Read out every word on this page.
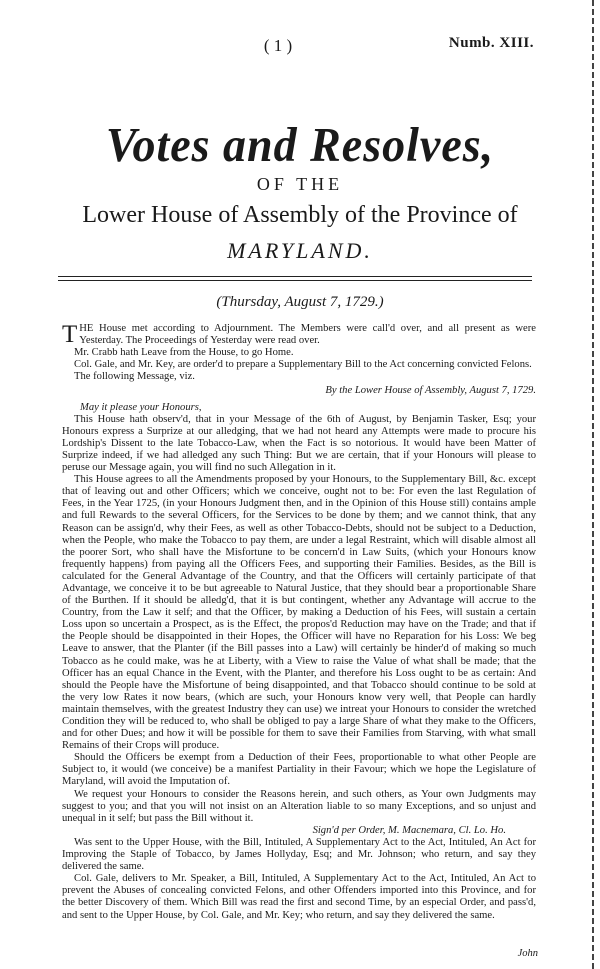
( 1 )	Numb. XIII.
Votes and Resolves,
OF THE
Lower House of Assembly of the Province of
MARYLAND.
(Thursday, August 7, 1729.)

THE House met according to Adjournment. The Members were call'd over, and all present as were Yesterday. The Proceedings of Yesterday were read over.

Mr. Crabb hath Leave from the House, to go Home.

Col. Gale, and Mr. Key, are order'd to prepare a Supplementary Bill to the Act concerning convicted Felons.

The following Message, viz.

By the Lower House of Assembly, August 7, 1729.

May it please your Honours,

This House hath observ'd, that in your Message of the 6th of August, by Benjamin Tasker, Esq; your Honours express a Surprize at our alledging, that we had not heard any Attempts were made to procure his Lordship's Dissent to the late Tobacco-Law, when the Fact is so notorious. It would have been Matter of Surprize indeed, if we had alledged any such Thing: But we are certain, that if your Honours will please to peruse our Message again, you will find no such Allegation in it.

This House agrees to all the Amendments proposed by your Honours, to the Supplementary Bill, &c. except that of leaving out and other Officers; which we conceive, ought not to be: For even the last Regulation of Fees, in the Year 1725, (in your Honours Judgment then, and in the Opinion of this House still) contains ample and full Rewards to the several Officers, for the Services to be done by them; and we cannot think, that any Reason can be assign'd, why their Fees, as well as other Tobacco-Debts, should not be subject to a Deduction, when the People, who make the Tobacco to pay them, are under a legal Restraint, which will disable almost all the poorer Sort, who shall have the Misfortune to be concern'd in Law Suits, (which your Honours know frequently happens) from paying all the Officers Fees, and supporting their Families. Besides, as the Bill is calculated for the General Advantage of the Country, and that the Officers will certainly participate of that Advantage, we conceive it to be but agreeable to Natural Justice, that they should bear a proportionable Share of the Burthen. If it should be alledg'd, that it is but contingent, whether any Advantage will accrue to the Country, from the Law it self; and that the Officer, by making a Deduction of his Fees, will sustain a certain Loss upon so uncertain a Prospect, as is the Effect, the propos'd Reduction may have on the Trade; and that if the People should be disappointed in their Hopes, the Officer will have no Reparation for his Loss: We beg Leave to answer, that the Planter (if the Bill passes into a Law) will certainly be hinder'd of making so much Tobacco as he could make, was he at Liberty, with a View to raise the Value of what shall be made; that the Officer has an equal Chance in the Event, with the Planter, and therefore his Loss ought to be as certain: And should the People have the Misfortune of being disappointed, and that Tobacco should continue to be sold at the very low Rates it now bears, (which are such, your Honours know very well, that People can hardly maintain themselves, with the greatest Industry they can use) we intreat your Honours to consider the wretched Condition they will be reduced to, who shall be obliged to pay a large Share of what they make to the Officers, and for other Dues; and how it will be possible for them to save their Families from Starving, with what small Remains of their Crops will produce.

Should the Officers be exempt from a Deduction of their Fees, proportionable to what other People are Subject to, it would (we conceive) be a manifest Partiality in their Favour; which we hope the Legislature of Maryland, will avoid the Imputation of.

We request your Honours to consider the Reasons herein, and such others, as Your own Judgments may suggest to you; and that you will not insist on an Alteration liable to so many Exceptions, and so unjust and unequal in it self; but pass the Bill without it.

Sign'd per Order, M. Macnemara, Cl. Lo. Ho.

Was sent to the Upper House, with the Bill, Intituled, A Supplementary Act to the Act, Intituled, An Act for Improving the Staple of Tobacco, by James Hollyday, Esq; and Mr. Johnson; who return, and say they delivered the same.

Col. Gale, delivers to Mr. Speaker, a Bill, Intituled, A Supplementary Act to the Act, Intituled, An Act to prevent the Abuses of concealing convicted Felons, and other Offenders imported into this Province, and for the better Discovery of them. Which Bill was read the first and second Time, by an especial Order, and pass'd, and sent to the Upper House, by Col. Gale, and Mr. Key; who return, and say they delivered the same.

John
